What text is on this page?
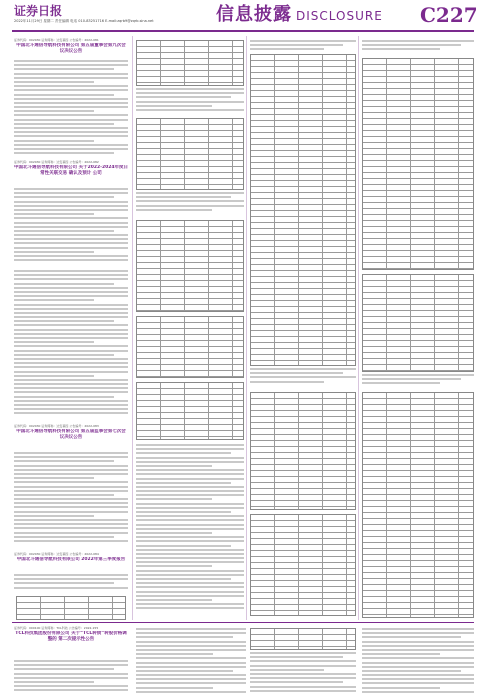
证券日报
2022年11月29日 星期二 责任编辑 电话 010-83251716 E-mail:zqrb9@zqrb.sina.net	信息披露 DISCLOSURE C227
证券代码：002030 证券简称：达安基因 公告编号：2022-081
中国北斗通信导航科技有限公司 第五届董事会第九次会议决议公告
证券代码：002030 证券简称：达安基因 公告编号：2022-082
中国北斗通信导航科技有限公司 关于2022-2024年度日常性关联交易 确认及预计 公司
证券代码：002030 证券简称：达安基因 公告编号：2022-083
中国北斗通信导航科技有限公司 第五届监事会第七次会议决议公告
证券代码：002030 证券简称：达安基因 公告编号：2022-084
中国北斗通信导航科技有限公司 2022年第三季度报告
证券代码：000100 证券简称：TCL科技 公告编号：2022-155
TCL科技集团股份有限公司 关于“TCL转债”转股价格调整的 第二次提示性公告
